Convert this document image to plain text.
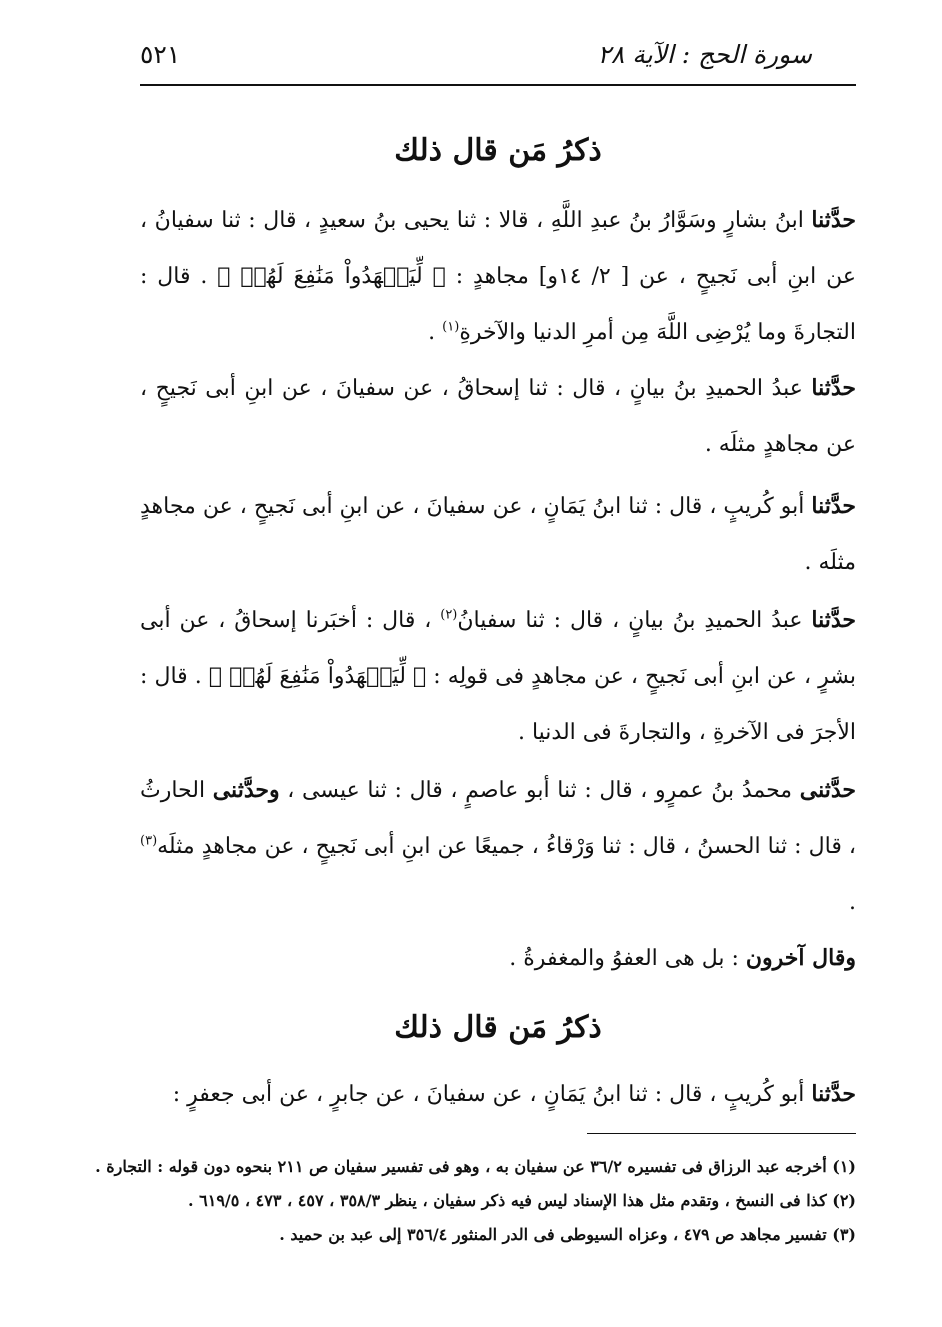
سورة الحج : الآية ٢٨
٥٢١
ذكرُ مَن قال ذلك
حدَّثنا ابنُ بشارٍ وسَوَّارُ بنُ عبدِ اللَّهِ ، قالا : ثنا يحيى بنُ سعيدٍ ، قال : ثنا سفيانُ ، عن ابنِ أبى نَجيحٍ ، عن [ ٢/ ١٤و] مجاهدٍ : ﴿ لِّيَشۡهَدُواْ مَنَٰفِعَ لَهُمۡ ﴾ . قال : التجارةَ وما يُرْضِى اللَّهَ مِن أمرِ الدنيا والآخرةِ$^{(١)}$ .
حدَّثنا عبدُ الحميدِ بنُ بيانٍ ، قال : ثنا إسحاقُ ، عن سفيانَ ، عن ابنِ أبى نَجيحٍ ، عن مجاهدٍ مثلَه .
حدَّثنا أبو كُريبٍ ، قال : ثنا ابنُ يَمَانٍ ، عن سفيانَ ، عن ابنِ أبى نَجيحٍ ، عن مجاهدٍ مثلَه .
حدَّثنا عبدُ الحميدِ بنُ بيانٍ ، قال : ثنا سفيانُ$^{(٢)}$ ، قال : أخبَرنا إسحاقُ ، عن أبى بشرٍ ، عن ابنِ أبى نَجيحٍ ، عن مجاهدٍ فى قولِه : ﴿ لِّيَشۡهَدُواْ مَنَٰفِعَ لَهُمۡ ﴾ . قال : الأجرَ فى الآخرةِ ، والتجارةَ فى الدنيا .
حدَّثنى محمدُ بنُ عمرٍو ، قال : ثنا أبو عاصمٍ ، قال : ثنا عيسى ، وحدَّثنى الحارثُ ، قال : ثنا الحسنُ ، قال : ثنا وَرْقاءُ ، جميعًا عن ابنِ أبى نَجيحٍ ، عن مجاهدٍ مثلَه$^{(٣)}$ .
وقال آخرون : بل هى العفوُ والمغفرةُ .
ذكرُ مَن قال ذلك
حدَّثنا أبو كُريبٍ ، قال : ثنا ابنُ يَمَانٍ ، عن سفيانَ ، عن جابرٍ ، عن أبى جعفرٍ :
(١) أخرجه عبد الرزاق فى تفسيره ٣٦/٢ عن سفيان به ، وهو فى تفسير سفيان ص ٢١١ بنحوه دون قوله : التجارة .
(٢) كذا فى النسخ ، وتقدم مثل هذا الإسناد ليس فيه ذكر سفيان ، ينظر ٣٥٨/٣ ، ٤٥٧ ، ٤٧٣ ، ٦١٩/٥ .
(٣) تفسير مجاهد ص ٤٧٩ ، وعزاه السيوطى فى الدر المنثور ٣٥٦/٤ إلى عبد بن حميد .
